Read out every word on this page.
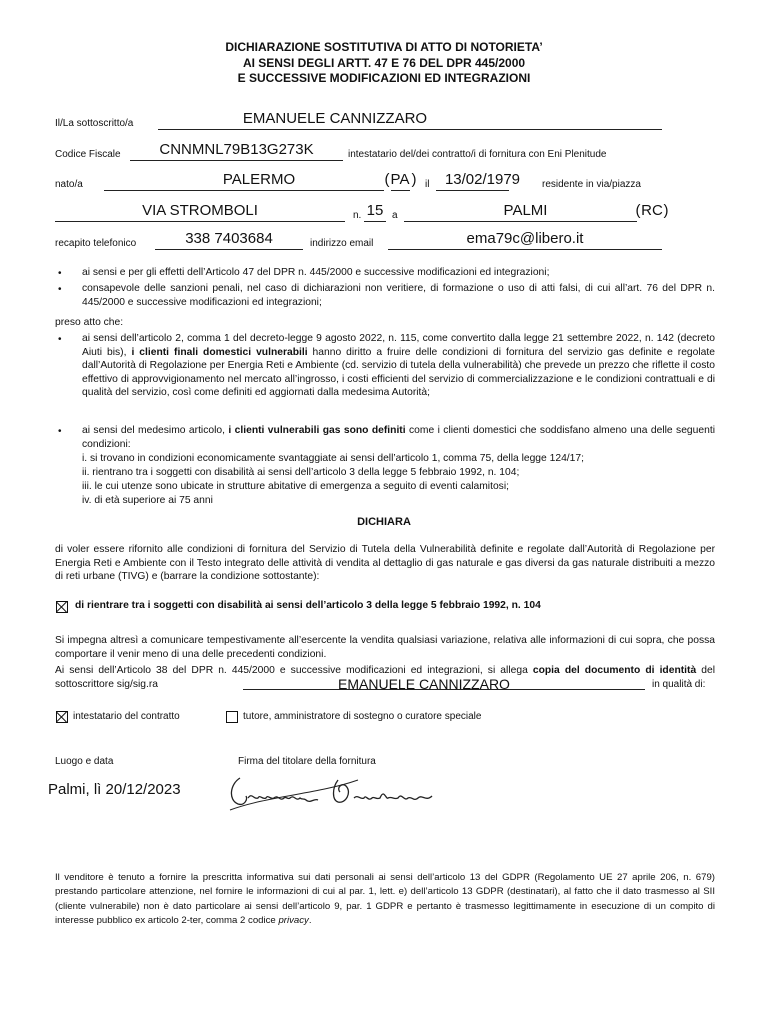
DICHIARAZIONE SOSTITUTIVA DI ATTO DI NOTORIETA’
AI SENSI DEGLI ARTT. 47 E 76 DEL DPR 445/2000
E SUCCESSIVE MODIFICAZIONI ED INTEGRAZIONI
Il/La sottoscritto/a	EMANUELE CANNIZZARO
Codice Fiscale	CNNMNL79B13G273K	intestatario del/dei contratto/i di fornitura con Eni Plenitude
nato/a	PALERMO	( PA ) il	13/02/1979	residente in via/piazza
VIA STROMBOLI	n. 15 a	PALMI	( RC )
recapito telefonico	338 7403684	indirizzo email	ema79c@libero.it
• ai sensi e per gli effetti dell’Articolo 47 del DPR n. 445/2000 e successive modificazioni ed integrazioni;
• consapevole delle sanzioni penali, nel caso di dichiarazioni non veritiere, di formazione o uso di atti falsi, di cui all’art. 76 del DPR n. 445/2000 e successive modificazioni ed integrazioni;
preso atto che:
• ai sensi dell’articolo 2, comma 1 del decreto-legge 9 agosto 2022, n. 115, come convertito dalla legge 21 settembre 2022, n. 142 (decreto Aiuti bis), i clienti finali domestici vulnerabili hanno diritto a fruire delle condizioni di fornitura del servizio gas definite e regolate dall’Autorità di Regolazione per Energia Reti e Ambiente (cd. servizio di tutela della vulnerabilità) che prevede un prezzo che riflette il costo effettivo di approvvigionamento nel mercato all’ingrosso, i costi efficienti del servizio di commercializzazione e le condizioni contrattuali e di qualità del servizio, così come definiti ed aggiornati dalla medesima Autorità;
• ai sensi del medesimo articolo, i clienti vulnerabili gas sono definiti come i clienti domestici che soddisfano almeno una delle seguenti condizioni:
i. si trovano in condizioni economicamente svantaggiate ai sensi dell’articolo 1, comma 75, della legge 124/17;
ii. rientrano tra i soggetti con disabilità ai sensi dell’articolo 3 della legge 5 febbraio 1992, n. 104;
iii. le cui utenze sono ubicate in strutture abitative di emergenza a seguito di eventi calamitosi;
iv. di età superiore ai 75 anni
DICHIARA
di voler essere rifornito alle condizioni di fornitura del Servizio di Tutela della Vulnerabilità definite e regolate dall’Autorità di Regolazione per Energia Reti e Ambiente con il Testo integrato delle attività di vendita al dettaglio di gas naturale e gas diversi da gas naturale distribuiti a mezzo di reti urbane (TIVG) e (barrare la condizione sottostante):
di rientrare tra i soggetti con disabilità ai sensi dell’articolo 3 della legge 5 febbraio 1992, n. 104
Si impegna altresì a comunicare tempestivamente all’esercente la vendita qualsiasi variazione, relativa alle informazioni di cui sopra, che possa comportare il venir meno di una delle precedenti condizioni.
Ai sensi dell’Articolo 38 del DPR n. 445/2000 e successive modificazioni ed integrazioni, si allega copia del documento di identità del sottoscrittore sig/sig.ra	EMANUELE CANNIZZARO	in qualità di:
intestatario del contratto	tutore, amministratore di sostegno o curatore speciale
Luogo e data	Firma del titolare della fornitura
Palmi, lì 20/12/2023
Il venditore è tenuto a fornire la prescritta informativa sui dati personali ai sensi dell’articolo 13 del GDPR (Regolamento UE 27 aprile 206, n. 679) prestando particolare attenzione, nel fornire le informazioni di cui al par. 1, lett. e) dell’articolo 13 GDPR (destinatari), al fatto che il dato trasmesso al SII (cliente vulnerabile) non è dato particolare ai sensi dell’articolo 9, par. 1 GDPR e pertanto è trasmesso legittimamente in esecuzione di un compito di interesse pubblico ex articolo 2-ter, comma 2 codice privacy.
